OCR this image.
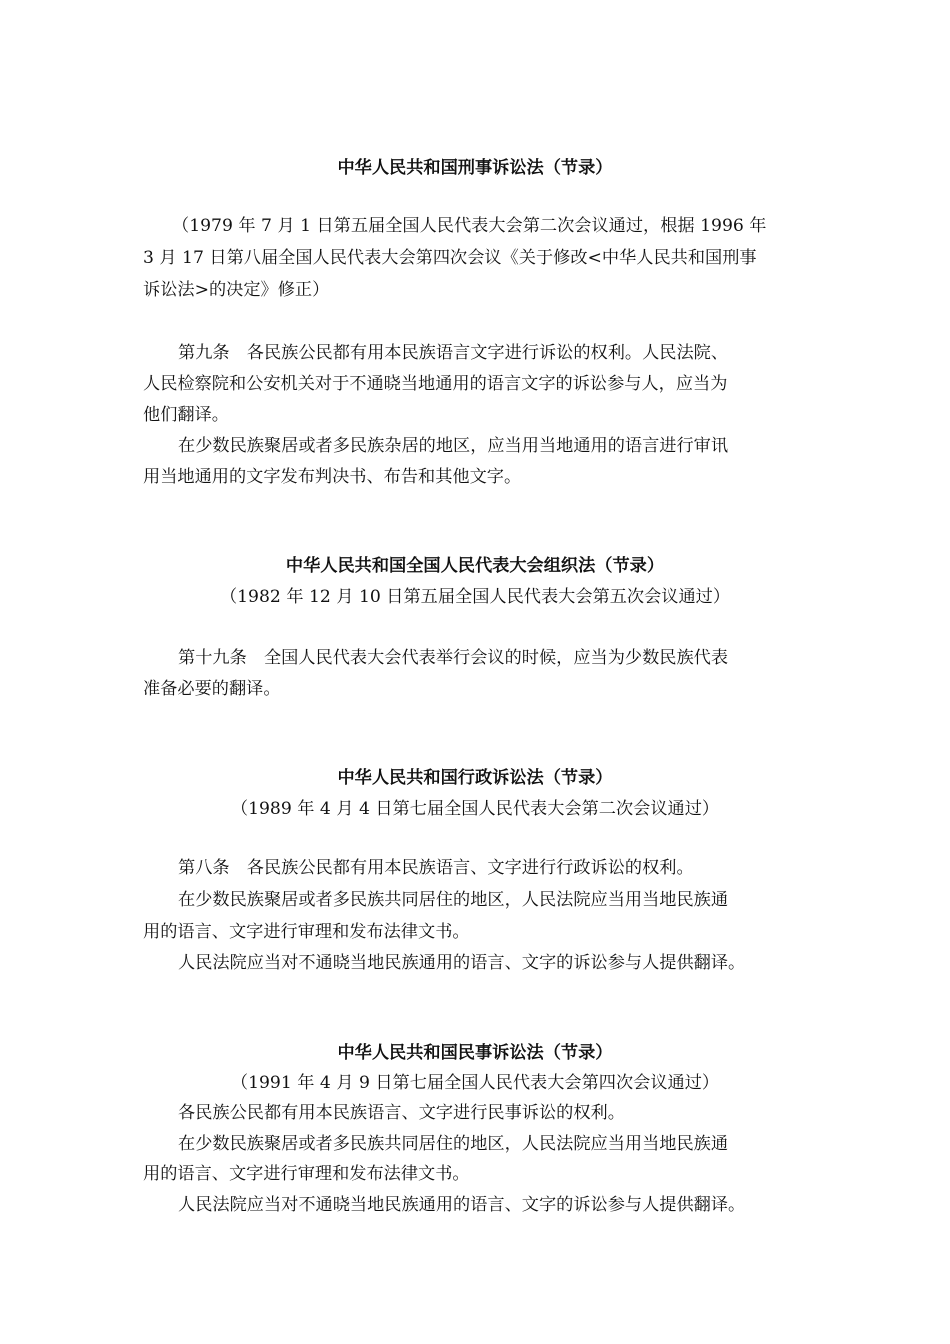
中华人民共和国刑事诉讼法（节录）

（1979 年 7 月 1 日第五届全国人民代表大会第二次会议通过，根据 1996 年

3 月 17 日第八届全国人民代表大会第四次会议《关于修改<中华人民共和国刑事

诉讼法>的决定》修正）

第九条　各民族公民都有用本民族语言文字进行诉讼的权利。人民法院、

人民检察院和公安机关对于不通晓当地通用的语言文字的诉讼参与人，应当为

他们翻译。

在少数民族聚居或者多民族杂居的地区，应当用当地通用的语言进行审讯

用当地通用的文字发布判决书、布告和其他文字。

中华人民共和国全国人民代表大会组织法（节录）

（1982 年 12 月 10 日第五届全国人民代表大会第五次会议通过）

第十九条　全国人民代表大会代表举行会议的时候，应当为少数民族代表

准备必要的翻译。

中华人民共和国行政诉讼法（节录）

（1989 年 4 月 4 日第七届全国人民代表大会第二次会议通过）

第八条　各民族公民都有用本民族语言、文字进行行政诉讼的权利。

在少数民族聚居或者多民族共同居住的地区，人民法院应当用当地民族通

用的语言、文字进行审理和发布法律文书。

人民法院应当对不通晓当地民族通用的语言、文字的诉讼参与人提供翻译。

中华人民共和国民事诉讼法（节录）

（1991 年 4 月 9 日第七届全国人民代表大会第四次会议通过）

各民族公民都有用本民族语言、文字进行民事诉讼的权利。

在少数民族聚居或者多民族共同居住的地区，人民法院应当用当地民族通

用的语言、文字进行审理和发布法律文书。

人民法院应当对不通晓当地民族通用的语言、文字的诉讼参与人提供翻译。
